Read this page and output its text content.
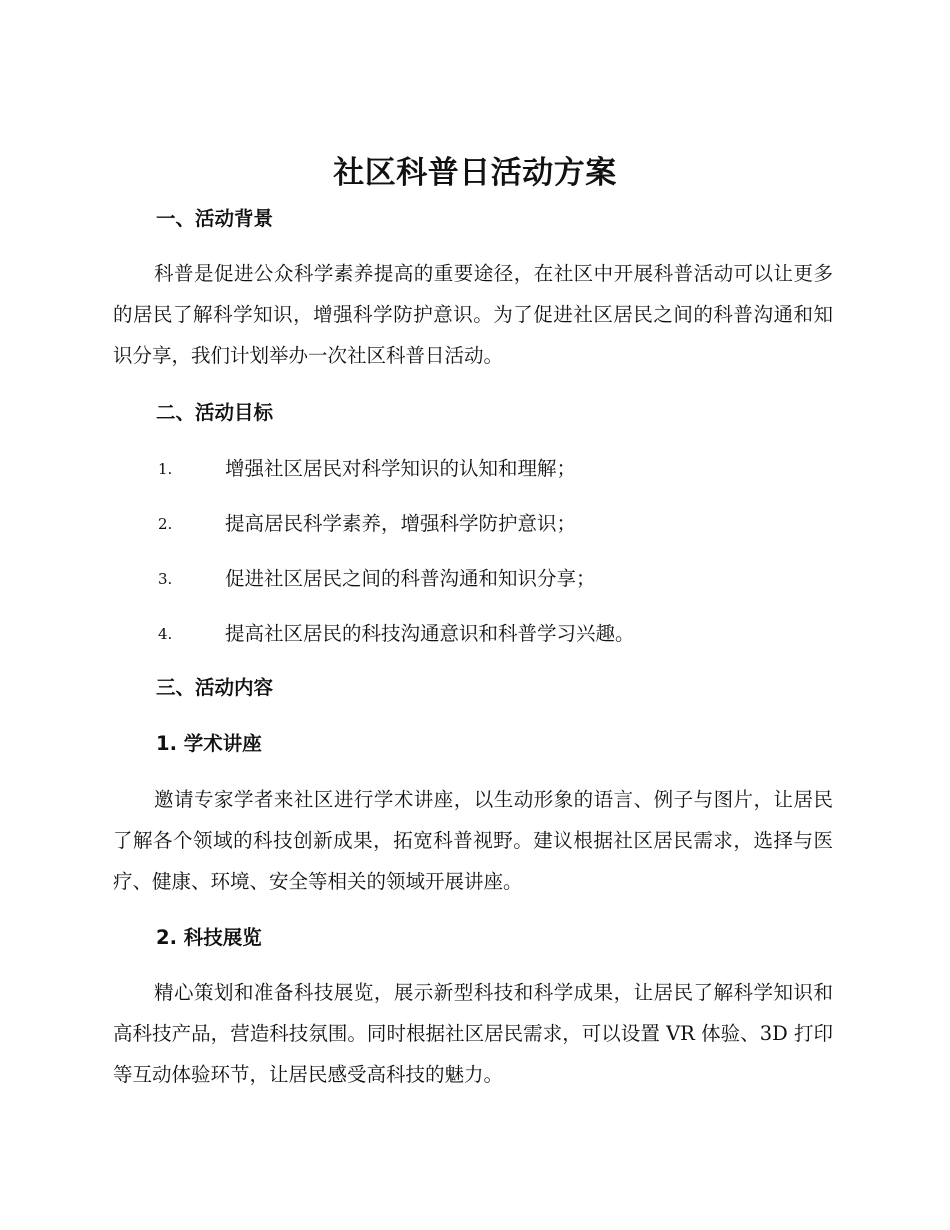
社区科普日活动方案
一、活动背景
科普是促进公众科学素养提高的重要途径，在社区中开展科普活动可以让更多的居民了解科学知识，增强科学防护意识。为了促进社区居民之间的科普沟通和知识分享，我们计划举办一次社区科普日活动。
二、活动目标
1.	增强社区居民对科学知识的认知和理解；
2.	提高居民科学素养，增强科学防护意识；
3.	促进社区居民之间的科普沟通和知识分享；
4.	提高社区居民的科技沟通意识和科普学习兴趣。
三、活动内容
1. 学术讲座
邀请专家学者来社区进行学术讲座，以生动形象的语言、例子与图片，让居民了解各个领域的科技创新成果，拓宽科普视野。建议根据社区居民需求，选择与医疗、健康、环境、安全等相关的领域开展讲座。
2. 科技展览
精心策划和准备科技展览，展示新型科技和科学成果，让居民了解科学知识和高科技产品，营造科技氛围。同时根据社区居民需求，可以设置 VR 体验、3D 打印等互动体验环节，让居民感受高科技的魅力。
